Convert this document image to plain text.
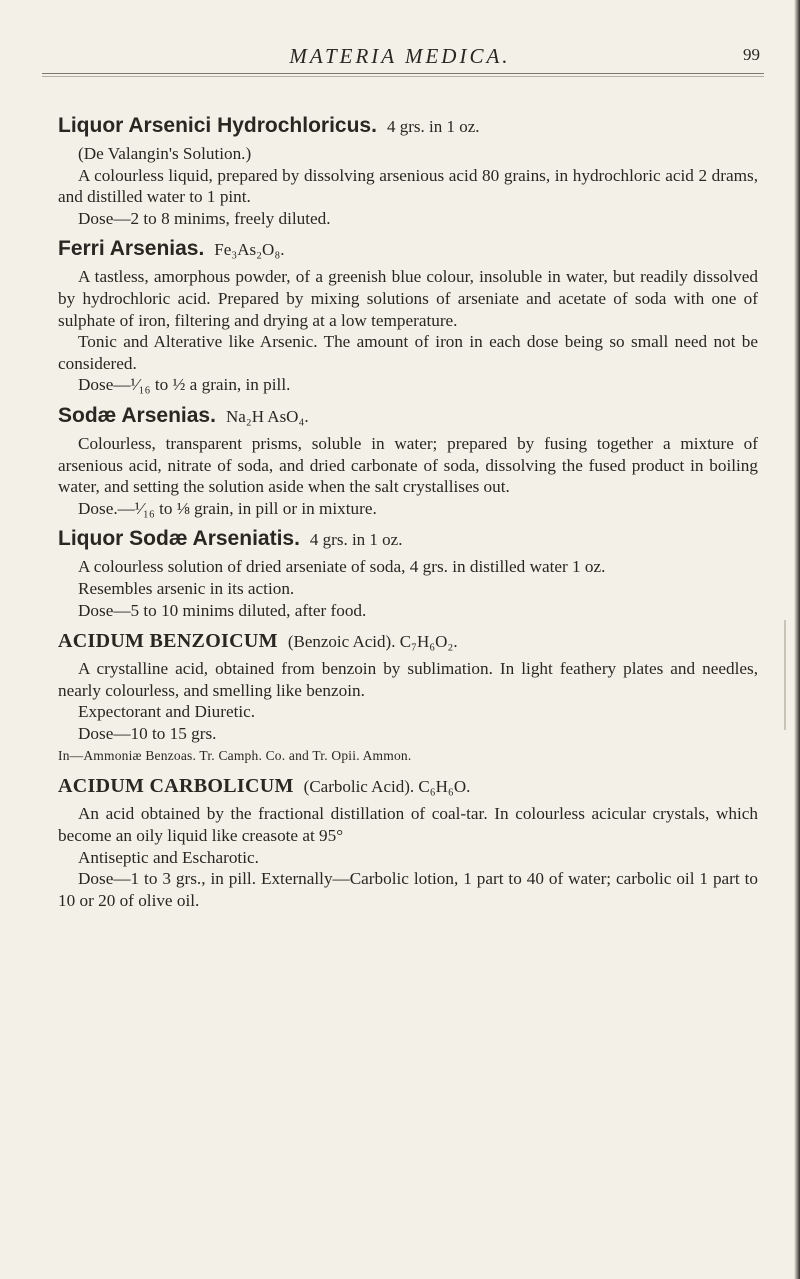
MATERIA MEDICA.	99

Liquor Arsenici Hydrochloricus. 4 grs. in 1 oz.

(De Valangin's Solution.)

A colourless liquid, prepared by dissolving arsenious acid 80 grains, in hydrochloric acid 2 drams, and distilled water to 1 pint.

Dose—2 to 8 minims, freely diluted.

Ferri Arsenias. Fe₃As₂O₈.

A tastless, amorphous powder, of a greenish blue colour, insoluble in water, but readily dissolved by hydrochloric acid. Prepared by mixing solutions of arseniate and acetate of soda with one of sulphate of iron, filtering and drying at a low temperature.

Tonic and Alterative like Arsenic. The amount of iron in each dose being so small need not be considered.

Dose—¹⁄₁₆ to ½ a grain, in pill.

Sodæ Arsenias. Na₂H AsO₄.

Colourless, transparent prisms, soluble in water; prepared by fusing together a mixture of arsenious acid, nitrate of soda, and dried carbonate of soda, dissolving the fused product in boiling water, and setting the solution aside when the salt crystallises out.

Dose.—¹⁄₁₆ to ⅛ grain, in pill or in mixture.

Liquor Sodæ Arseniatis. 4 grs. in 1 oz.

A colourless solution of dried arseniate of soda, 4 grs. in distilled water 1 oz.

Resembles arsenic in its action.

Dose—5 to 10 minims diluted, after food.

ACIDUM BENZOICUM (Benzoic Acid). C₇H₆O₂.

A crystalline acid, obtained from benzoin by sublimation. In light feathery plates and needles, nearly colourless, and smelling like benzoin.

Expectorant and Diuretic.

Dose—10 to 15 grs.

In—Ammoniæ Benzoas. Tr. Camph. Co. and Tr. Opii. Ammon.

ACIDUM CARBOLICUM (Carbolic Acid). C₆H₆O.

An acid obtained by the fractional distillation of coal-tar. In colourless acicular crystals, which become an oily liquid like creasote at 95°

Antiseptic and Escharotic.

Dose—1 to 3 grs., in pill. Externally—Carbolic lotion, 1 part to 40 of water; carbolic oil 1 part to 10 or 20 of olive oil.
